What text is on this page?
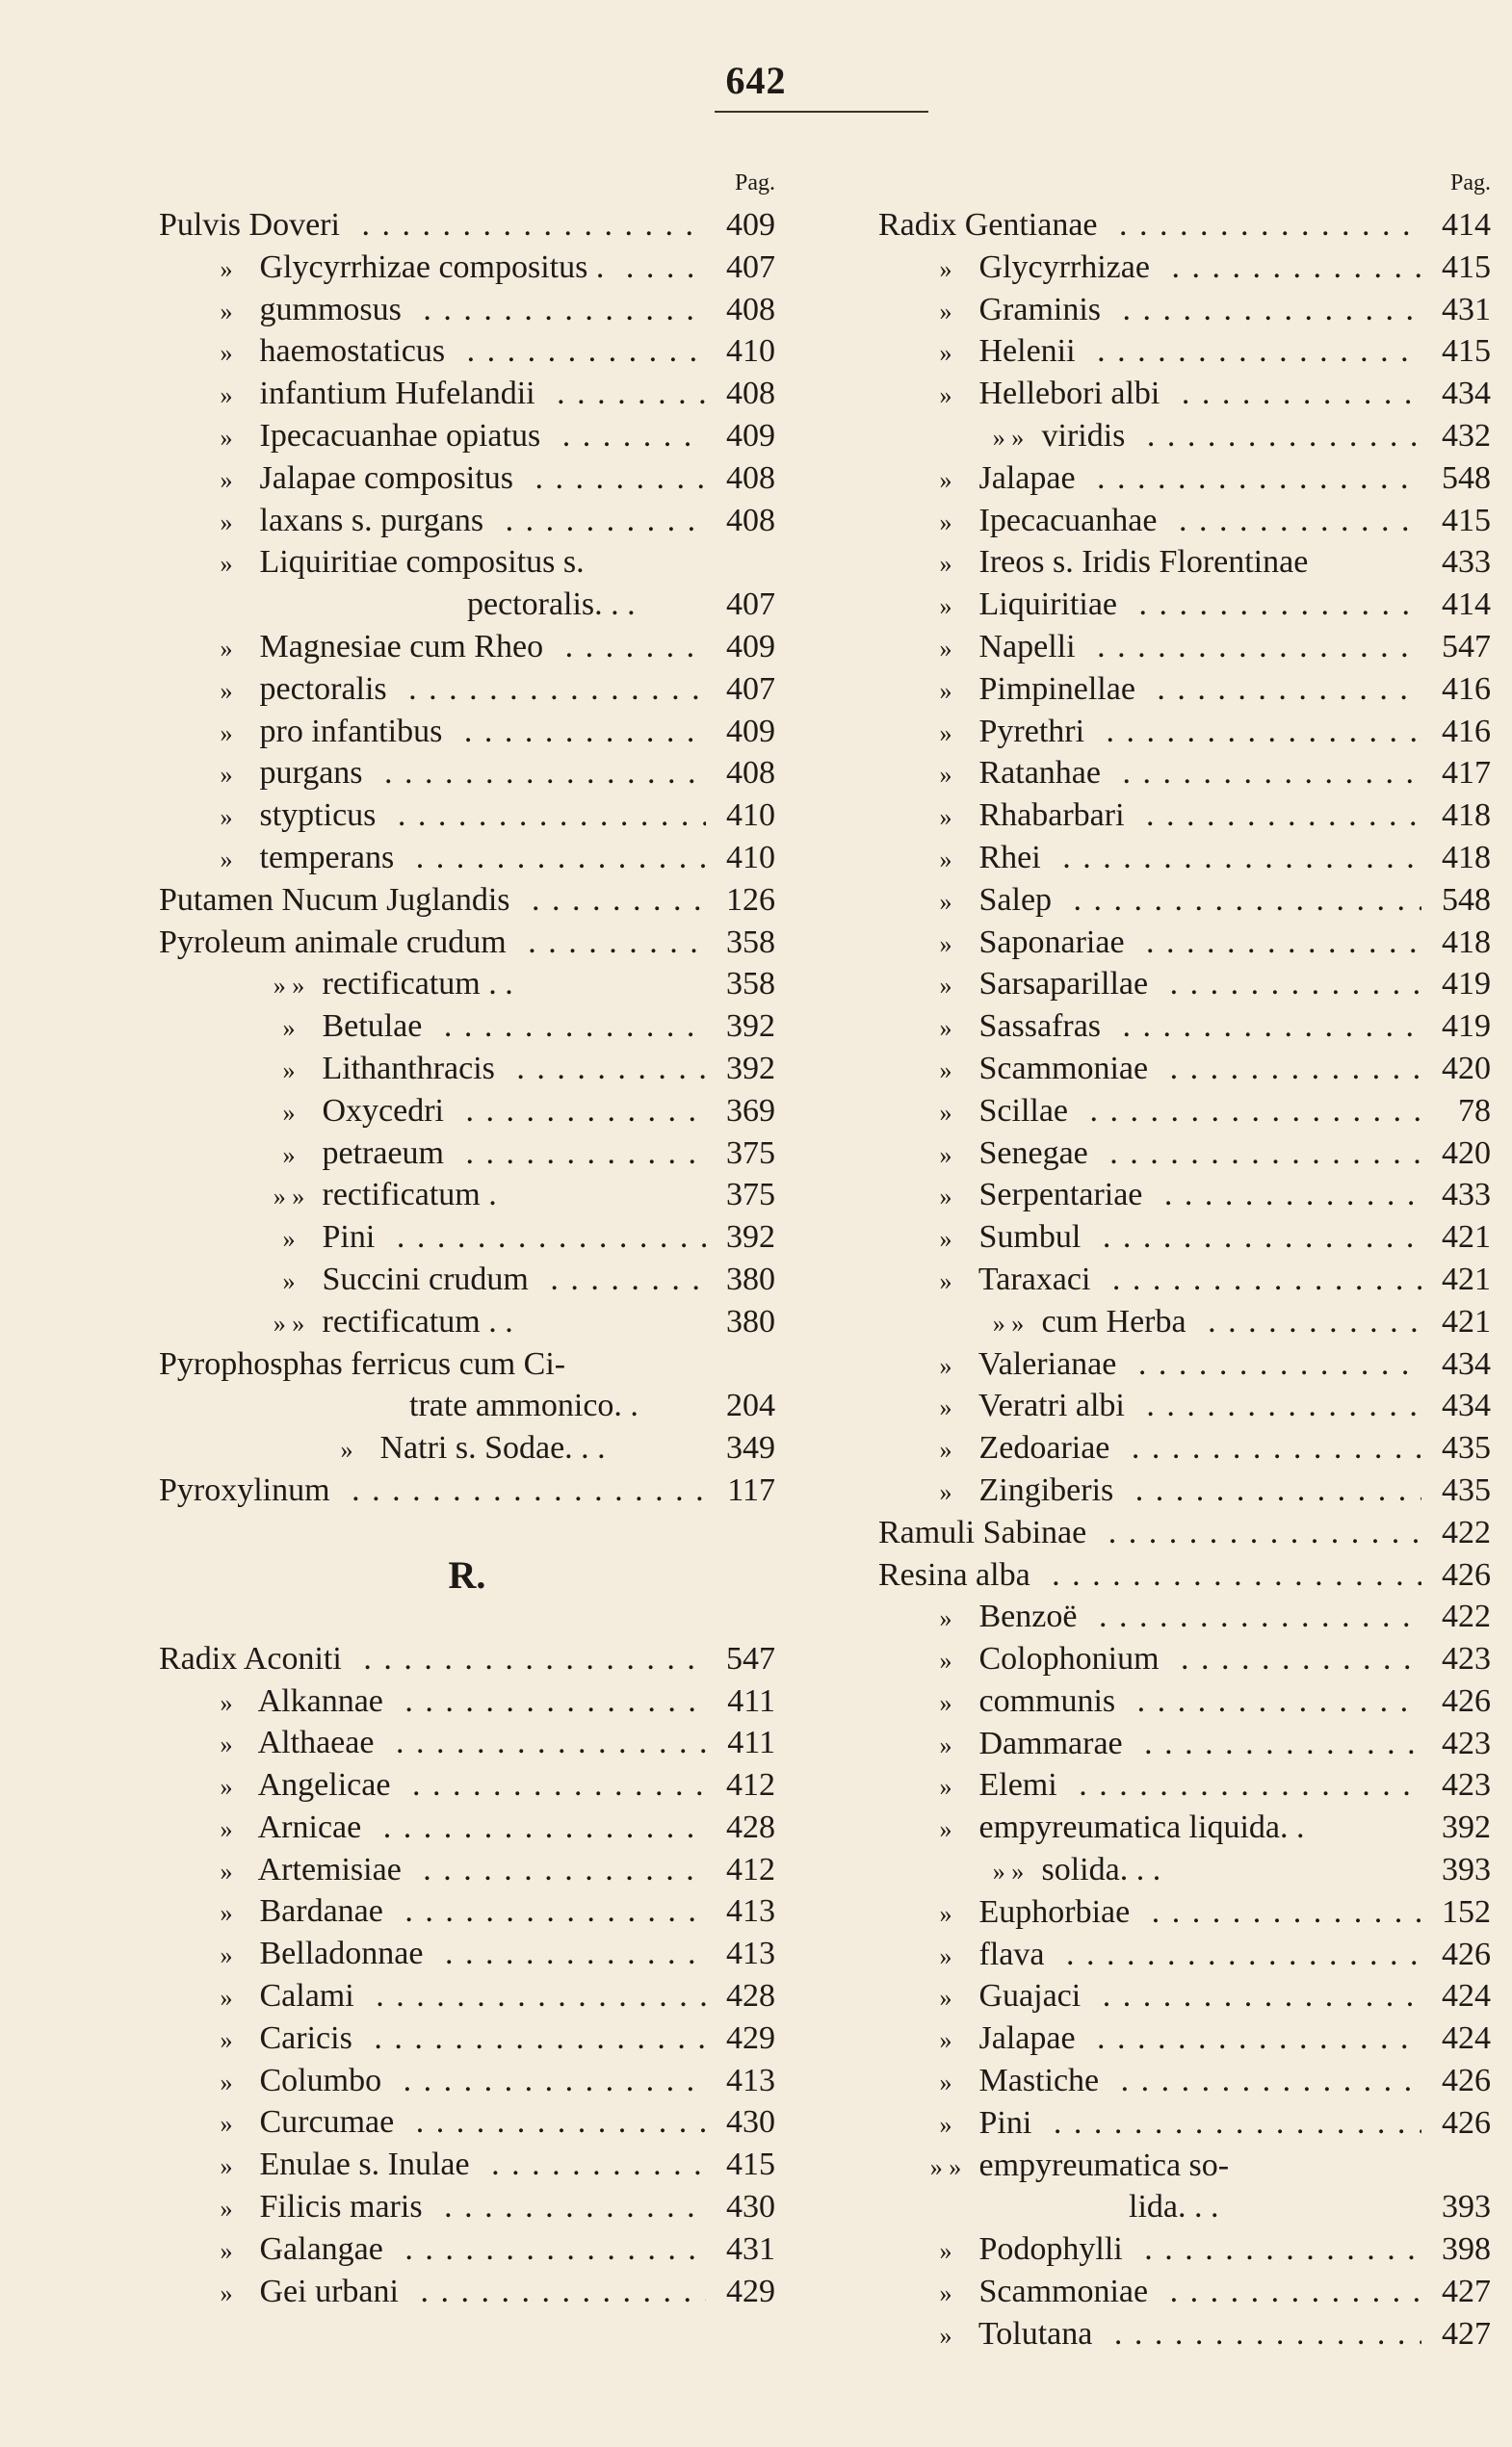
642
Pag.
Pulvis Doveri . . .	409
» Glycyrrhizae compositus . . . .	407
» gummosus . . .	408
» haemostaticus . . .	410
» infantium Hufelandii . . .	408
» Ipecacuanhae opiatus . . .	409
» Jalapae compositus . . .	408
» laxans s. purgans . . .	408
» Liquiritiae compositus s.
pectoralis. . .	407
» Magnesiae cum Rheo . . .	409
» pectoralis . . .	407
» pro infantibus . . .	409
» purgans . . .	408
» stypticus . . .	410
» temperans . . .	410
Putamen Nucum Juglandis . . .	126
Pyroleum animale crudum . . .	358
» » rectificatum . .	358
» Betulae . . .	392
» Lithanthracis . . .	392
» Oxycedri . . .	369
» petraeum . . .	375
» » rectificatum .	375
» Pini . . .	392
» Succini crudum . . .	380
» » rectificatum . .	380
Pyrophosphas ferricus cum Ci-
trate ammonico. .	204
» Natri s. Sodae. . .	349
Pyroxylinum . . .	117
R.
Radix Aconiti . . .	547
» Alkannae . . .	411
» Althaeae . . .	411
» Angelicae . . .	412
» Arnicae . . .	428
» Artemisiae . . .	412
» Bardanae . . .	413
» Belladonnae . . .	413
» Calami . . .	428
» Caricis . . .	429
» Columbo . . .	413
» Curcumae . . .	430
» Enulae s. Inulae . . .	415
» Filicis maris . . .	430
» Galangae . . .	431
» Gei urbani . . .	429
Pag.
Radix Gentianae . . .	414
» Glycyrrhizae . . .	415
» Graminis . . .	431
» Helenii . . .	415
» Hellebori albi . . .	434
» » viridis . . .	432
» Jalapae . . .	548
» Ipecacuanhae . . .	415
» Ireos s. Iridis Florentinae	433
» Liquiritiae . . .	414
» Napelli . . .	547
» Pimpinellae . . .	416
» Pyrethri . . .	416
» Ratanhae . . .	417
» Rhabarbari . . .	418
» Rhei . . .	418
» Salep . . .	548
» Saponariae . . .	418
» Sarsaparillae . . .	419
» Sassafras . . .	419
» Scammoniae . . .	420
» Scillae . . .	78
» Senegae . . .	420
» Serpentariae . . .	433
» Sumbul . . .	421
» Taraxaci . . .	421
» » cum Herba . . .	421
» Valerianae . . .	434
» Veratri albi . . .	434
» Zedoariae . . .	435
» Zingiberis . . .	435
Ramuli Sabinae . . .	422
Resina alba . . .	426
» Benzoë . . .	422
» Colophonium . . .	423
» communis . . .	426
» Dammarae . . .	423
» Elemi . . .	423
» empyreumatica liquida. .	392
» » solida. . .	393
» Euphorbiae . . .	152
» flava . . .	426
» Guajaci . . .	424
» Jalapae . . .	424
» Mastiche . . .	426
» Pini . . .	426
» » empyreumatica so-
lida. . .	393
» Podophylli . . .	398
» Scammoniae . . .	427
» Tolutana . . .	427
